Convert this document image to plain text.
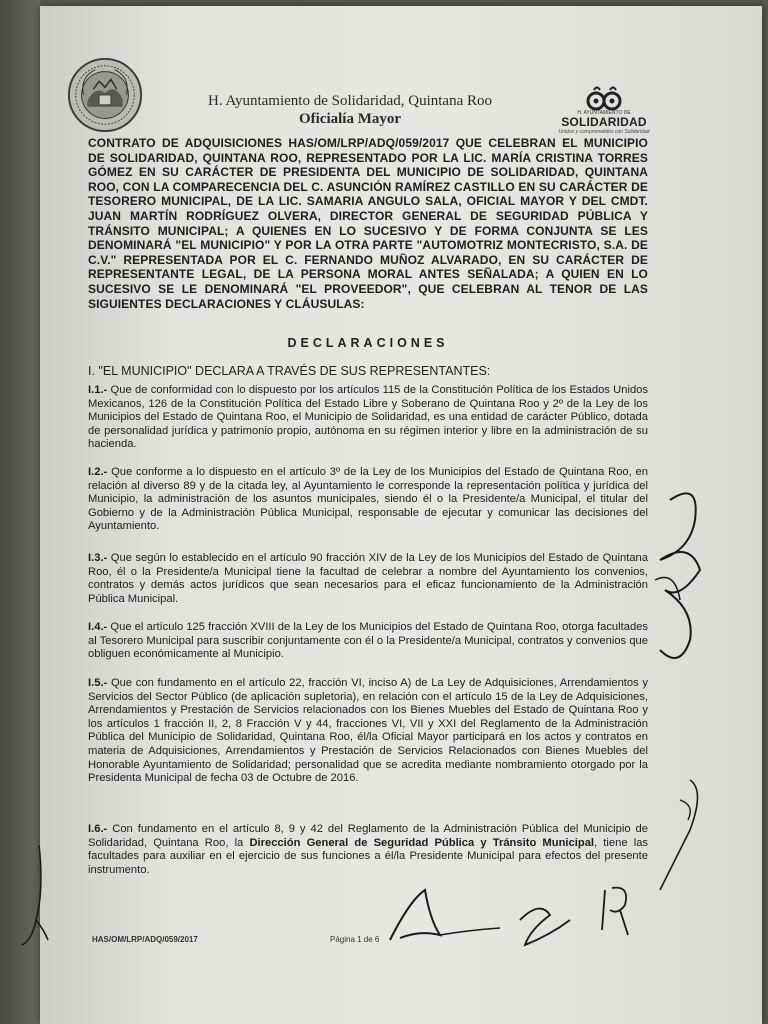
H. AYUNTAMIENTO DE
SOLIDARIDAD
Unidos y comprometidos con Solidaridad
H. Ayuntamiento de Solidaridad, Quintana Roo
Oficialía Mayor

CONTRATO DE ADQUISICIONES HAS/OM/LRP/ADQ/059/2017 QUE CELEBRAN EL MUNICIPIO DE SOLIDARIDAD, QUINTANA ROO, REPRESENTADO POR LA LIC. MARÍA CRISTINA TORRES GÓMEZ EN SU CARÁCTER DE PRESIDENTA DEL MUNICIPIO DE SOLIDARIDAD, QUINTANA ROO, CON LA COMPARECENCIA DEL C. ASUNCIÓN RAMÍREZ CASTILLO EN SU CARÁCTER DE TESORERO MUNICIPAL, DE LA LIC. SAMARIA ANGULO SALA, OFICIAL MAYOR Y DEL CMDT. JUAN MARTÍN RODRÍGUEZ OLVERA, DIRECTOR GENERAL DE SEGURIDAD PÚBLICA Y TRÁNSITO MUNICIPAL; A QUIENES EN LO SUCESIVO Y DE FORMA CONJUNTA SE LES DENOMINARÁ "EL MUNICIPIO" Y POR LA OTRA PARTE "AUTOMOTRIZ MONTECRISTO, S.A. DE C.V." REPRESENTADA POR EL C. FERNANDO MUÑOZ ALVARADO, EN SU CARÁCTER DE REPRESENTANTE LEGAL, DE LA PERSONA MORAL ANTES SEÑALADA; A QUIEN EN LO SUCESIVO SE LE DENOMINARÁ "EL PROVEEDOR", QUE CELEBRAN AL TENOR DE LAS SIGUIENTES DECLARACIONES Y CLÁUSULAS:

DECLARACIONES

I. "EL MUNICIPIO" DECLARA A TRAVÉS DE SUS REPRESENTANTES:

I.1.- Que de conformidad con lo dispuesto por los artículos 115 de la Constitución Política de los Estados Unidos Mexicanos, 126 de la Constitución Política del Estado Libre y Soberano de Quintana Roo y 2º de la Ley de los Municipios del Estado de Quintana Roo, el Municipio de Solidaridad, es una entidad de carácter Público, dotada de personalidad jurídica y patrimonio propio, autónoma en su régimen interior y libre en la administración de su hacienda.

I.2.- Que conforme a lo dispuesto en el artículo 3º de la Ley de los Municipios del Estado de Quintana Roo, en relación al diverso 89 y de la citada ley, al Ayuntamiento le corresponde la representación política y jurídica del Municipio, la administración de los asuntos municipales, siendo él o la Presidente/a Municipal, el titular del Gobierno y de la Administración Pública Municipal, responsable de ejecutar y comunicar las decisiones del Ayuntamiento.

I.3.- Que según lo establecido en el artículo 90 fracción XIV de la Ley de los Municipios del Estado de Quintana Roo, él o la Presidente/a Municipal tiene la facultad de celebrar a nombre del Ayuntamiento los convenios, contratos y demás actos jurídicos que sean necesarios para el eficaz funcionamiento de la Administración Pública Municipal.

I.4.- Que el artículo 125 fracción XVIII de la Ley de los Municipios del Estado de Quintana Roo, otorga facultades al Tesorero Municipal para suscribir conjuntamente con él o la Presidente/a Municipal, contratos y convenios que obliguen económicamente al Municipio.

I.5.- Que con fundamento en el artículo 22, fracción VI, inciso A) de La Ley de Adquisiciones, Arrendamientos y Servicios del Sector Público (de aplicación supletoria), en relación con el artículo 15 de la Ley de Adquisiciones, Arrendamientos y Prestación de Servicios relacionados con los Bienes Muebles del Estado de Quintana Roo y los artículos 1 fracción II, 2, 8 Fracción V y 44, fracciones VI, VII y XXI del Reglamento de la Administración Pública del Municipio de Solidaridad, Quintana Roo, él/la Oficial Mayor participará en los actos y contratos en materia de Adquisiciones, Arrendamientos y Prestación de Servicios Relacionados con Bienes Muebles del Honorable Ayuntamiento de Solidaridad; personalidad que se acredita mediante nombramiento otorgado por la Presidenta Municipal de fecha 03 de Octubre de 2016.

I.6.- Con fundamento en el artículo 8, 9 y 42 del Reglamento de la Administración Pública del Municipio de Solidaridad, Quintana Roo, la Dirección General de Seguridad Pública y Tránsito Municipal, tiene las facultades para auxiliar en el ejercicio de sus funciones a él/la Presidente Municipal para efectos del presente instrumento.

HAS/OM/LRP/ADQ/059/2017	Página 1 de 6
